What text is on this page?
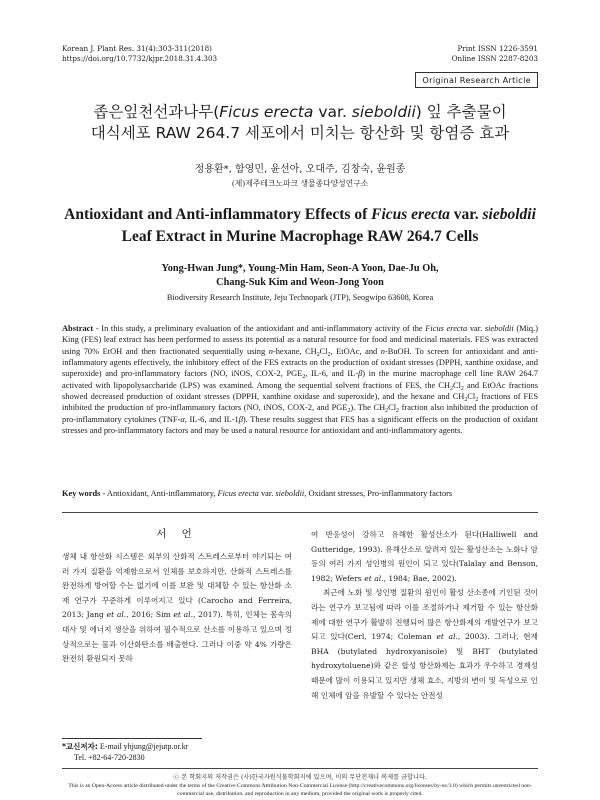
Korean J. Plant Res. 31(4):303-311(2018)
https://doi.org/10.7732/kjpr.2018.31.4.303
Print ISSN 1226-3591
Online ISSN 2287-8203
Original Research Article
좁은잎천선과나무(Ficus erecta var. sieboldii) 잎 추출물이
대식세포 RAW 264.7 세포에서 미치는 항산화 및 항염증 효과
정용환*, 함영민, 윤선아, 오대주, 김창숙, 윤원종
(제)제주테크노파크 생물종다양성연구소
Antioxidant and Anti-inflammatory Effects of Ficus erecta var. sieboldii
Leaf Extract in Murine Macrophage RAW 264.7 Cells
Yong-Hwan Jung*, Young-Min Ham, Seon-A Yoon, Dae-Ju Oh,
Chang-Suk Kim and Weon-Jong Yoon
Biodiversity Research Institute, Jeju Technopark (JTP), Seogwipo 63608, Korea
Abstract - In this study, a preliminary evaluation of the antioxidant and anti-inflammatory activity of the Ficus erecta var. sieboldii (Miq.) King (FES) leaf extract has been performed to assess its potential as a natural resource for food and medicinal materials. FES was extracted using 70% EtOH and then fractionated sequentially using n-hexane, $CH_2Cl_2$, EtOAc, and n-BuOH. To screen for antioxidant and anti-inflammatory agents effectively, the inhibitory effect of the FES extracts on the production of oxidant stresses (DPPH, xanthine oxidase, and superoxide) and pro-inflammatory factors (NO, iNOS, COX-2, $PGE_2$, IL-6, and IL-β) in the murine macrophage cell line RAW 264.7 activated with lipopolysaccharide (LPS) was examined. Among the sequential solvent fractions of FES, the $CH_2Cl_2$ and EtOAc fractions showed decreased production of oxidant stresses (DPPH, xanthine oxidase and superoxide), and the hexane and $CH_2Cl_2$ fractions of FES inhibited the production of pro-inflammatory factors (NO, iNOS, COX-2, and $PGE_2$). The $CH_2Cl_2$ fraction also inhibited the production of pro-inflammatory cytokines (TNF-α, IL-6, and IL-1β). These results suggest that FES has a significant effects on the production of oxidant stresses and pro-inflammatory factors and may be used a natural resource for antioxidant and anti-inflammatory agents.
Key words - Antioxidant, Anti-inflammatory, Ficus erecta var. sieboldii, Oxidant stresses, Pro-inflammatory factors
서 언
생체 내 항산화 시스템은 외부의 산화적 스트레스로부터 야기되는 여러 가지 질환을 억제함으로서 인체를 보호하지만, 산화적 스트레스를 완전하게 방어할 수는 없기에 이를 보완 및 대체할 수 있는 항산화 소재 연구가 꾸준하게 이루어지고 있다 (Carocho and Ferreira, 2013; Jang et al., 2016; Sim et al., 2017). 특히, 인체는 몸속의 대사 및 에너지 생산을 위하여 필수적으로 산소를 이용하고 있으며 정상적으로는 물과 이산화탄소를 배출한다. 그러나 이중 약 4% 가량은 완전히 환원되지 못하
여 반응성이 강하고 유해한 활성산소가 된다(Halliwell and Gutteridge, 1993). 유해산소로 알려져 있는 활성산소는 노화나 암 등의 여러 가지 성인병의 원인이 되고 있다(Talalay and Benson, 1982; Wefers et al., 1984; Bae, 2002).
최근에 노화 및 성인병 질환의 원인이 활성 산소종에 기인된 것이라는 연구가 보고됨에 따라 이를 조절하거나 제거할 수 있는 항산화제에 대한 연구가 활발히 진행되어 많은 항산화제의 개발연구가 보고되고 있다(Cerl, 1974; Coleman et al., 2003). 그러나, 현재 BHA (butylated hydroxyanisole) 및 BHT (butylated hydroxytoluene)와 같은 합성 항산화제는 효과가 우수하고 경제성 때문에 많이 이용되고 있지만 생체 효소, 지방의 변이 및 독성으로 인해 인체에 암을 유발할 수 있다는 안전성
*교신저자: E-mail yhjung@jejutp.or.kr
Tel. +82-64-720-2830
ⓒ 본 학회지의 저작권은 (사)한국자원식물학회지에 있으며, 이의 무단전재나 복제를 금합니다.
This is an Open-Access article distributed under the terms of the Creative Commons Attribution Non-Commercial License (http://creativecommons.org/licenses/by-nc/3.0) which permits unrestricted non-commercial use, distribution, and reproduction in any medium, provided the original work is properly cited.
